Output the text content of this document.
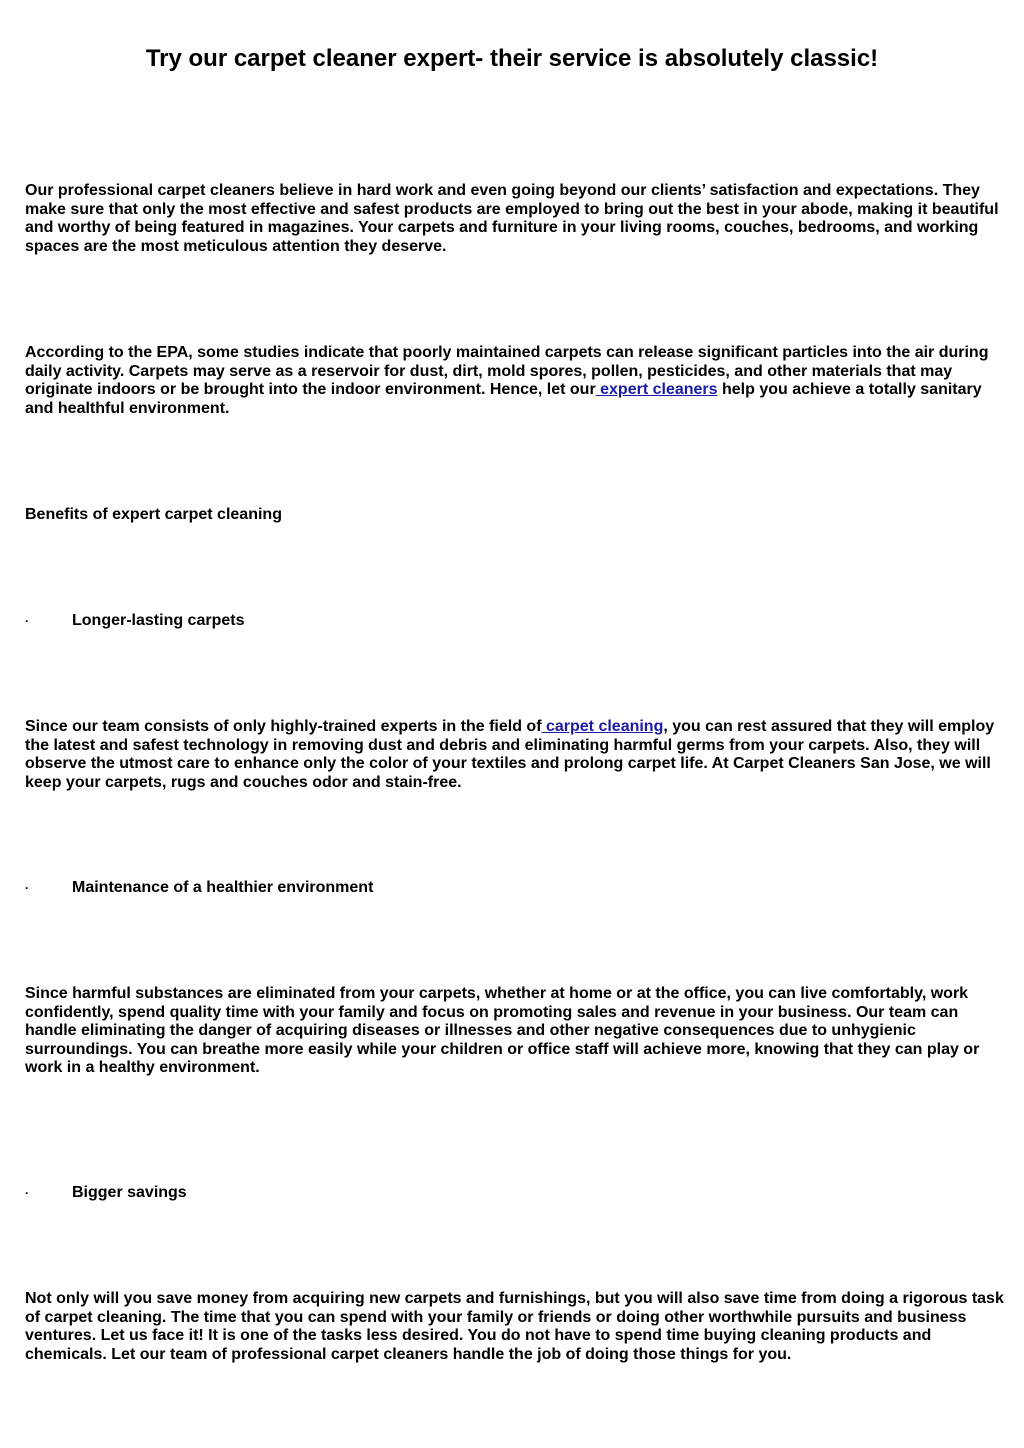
Try our carpet cleaner expert- their service is absolutely classic!

Our professional carpet cleaners believe in hard work and even going beyond our clients’ satisfaction and expectations. They make sure that only the most effective and safest products are employed to bring out the best in your abode, making it beautiful and worthy of being featured in magazines. Your carpets and furniture in your living rooms, couches, bedrooms, and working spaces are the most meticulous attention they deserve.

According to the EPA, some studies indicate that poorly maintained carpets can release significant particles into the air during daily activity. Carpets may serve as a reservoir for dust, dirt, mold spores, pollen, pesticides, and other materials that may originate indoors or be brought into the indoor environment. Hence, let our expert cleaners help you achieve a totally sanitary and healthful environment.

Benefits of expert carpet cleaning

·	Longer-lasting carpets

Since our team consists of only highly-trained experts in the field of carpet cleaning, you can rest assured that they will employ the latest and safest technology in removing dust and debris and eliminating harmful germs from your carpets. Also, they will observe the utmost care to enhance only the color of your textiles and prolong carpet life. At Carpet Cleaners San Jose, we will keep your carpets, rugs and couches odor and stain-free.

·	Maintenance of a healthier environment

Since harmful substances are eliminated from your carpets, whether at home or at the office, you can live comfortably, work confidently, spend quality time with your family and focus on promoting sales and revenue in your business. Our team can handle eliminating the danger of acquiring diseases or illnesses and other negative consequences due to unhygienic surroundings. You can breathe more easily while your children or office staff will achieve more, knowing that they can play or work in a healthy environment.

·	Bigger savings

Not only will you save money from acquiring new carpets and furnishings, but you will also save time from doing a rigorous task of carpet cleaning. The time that you can spend with your family or friends or doing other worthwhile pursuits and business ventures. Let us face it! It is one of the tasks less desired. You do not have to spend time buying cleaning products and chemicals. Let our team of professional carpet cleaners handle the job of doing those things for you.
